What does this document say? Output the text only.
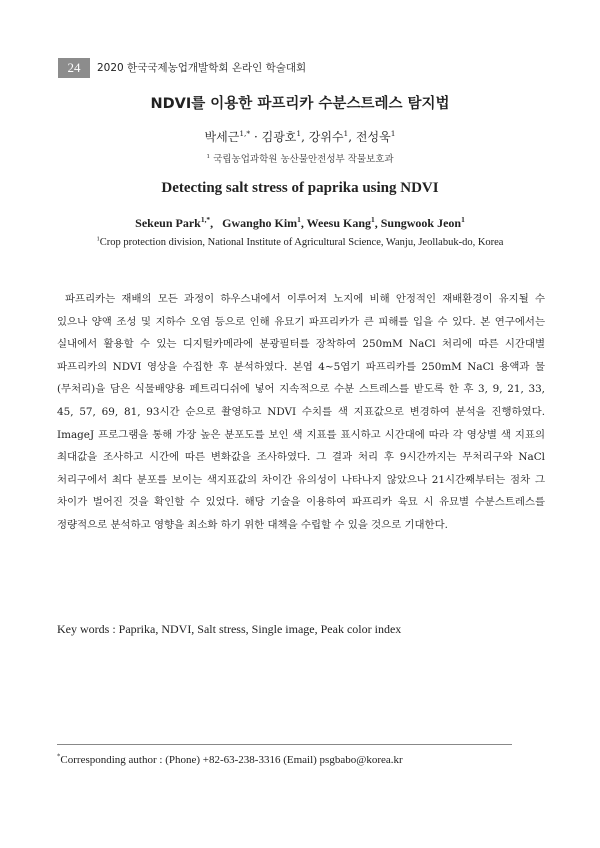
24	2020 한국국제농업개발학회 온라인 학술대회
NDVI를 이용한 파프리카 수분스트레스 탐지법
박세근$^{1,*}$ · 김광호$^1$, 강위수$^1$, 전성욱$^1$
$^1$ 국립농업과학원 농산물안전성부 작물보호과
Detecting salt stress of paprika using NDVI
Sekeun Park$^{1,*}$,   Gwangho Kim$^1$, Weesu Kang$^1$, Sungwook Jeon$^1$
$^1$Crop protection division, National Institute of Agricultural Science, Wanju, Jeollabuk-do, Korea

파프리카는 재배의 모든 과정이 하우스내에서 이루어져 노지에 비해 안정적인 재배환경이 유지될 수 있으나 양액 조성 및 지하수 오염 등으로 인해 유묘기 파프리카가 큰 피해를 입을 수 있다. 본 연구에서는 실내에서 활용할 수 있는 디지털카메라에 분광필터를 장착하여 250mM NaCl 처리에 따른 시간대별 파프리카의 NDVI 영상을 수집한 후 분석하였다. 본엽 4~5엽기 파프리카를 250mM NaCl 용액과 물(무처리)을 담은 식물배양용 페트리디쉬에 넣어 지속적으로 수분 스트레스를 받도록 한 후 3, 9, 21, 33, 45, 57, 69, 81, 93시간 순으로 촬영하고 NDVI 수치를 색 지표값으로 변경하여 분석을 진행하였다. ImageJ 프로그램을 통해 가장 높은 분포도를 보인 색 지표를 표시하고 시간대에 따라 각 영상별 색 지표의 최대값을 조사하고 시간에 따른 변화값을 조사하였다. 그 결과 처리 후 9시간까지는 무처리구와 NaCl 처리구에서 최다 분포를 보이는 색지표값의 차이간 유의성이 나타나지 않았으나 21시간째부터는 점차 그 차이가 벌어진 것을 확인할 수 있었다. 해당 기술을 이용하여 파프리카 육묘 시 유묘별 수분스트레스를 정량적으로 분석하고 영향을 최소화 하기 위한 대책을 수립할 수 있을 것으로 기대한다.

Key words : Paprika, NDVI, Salt stress, Single image, Peak color index
*Corresponding author : (Phone) +82-63-238-3316 (Email) psgbabo@korea.kr
